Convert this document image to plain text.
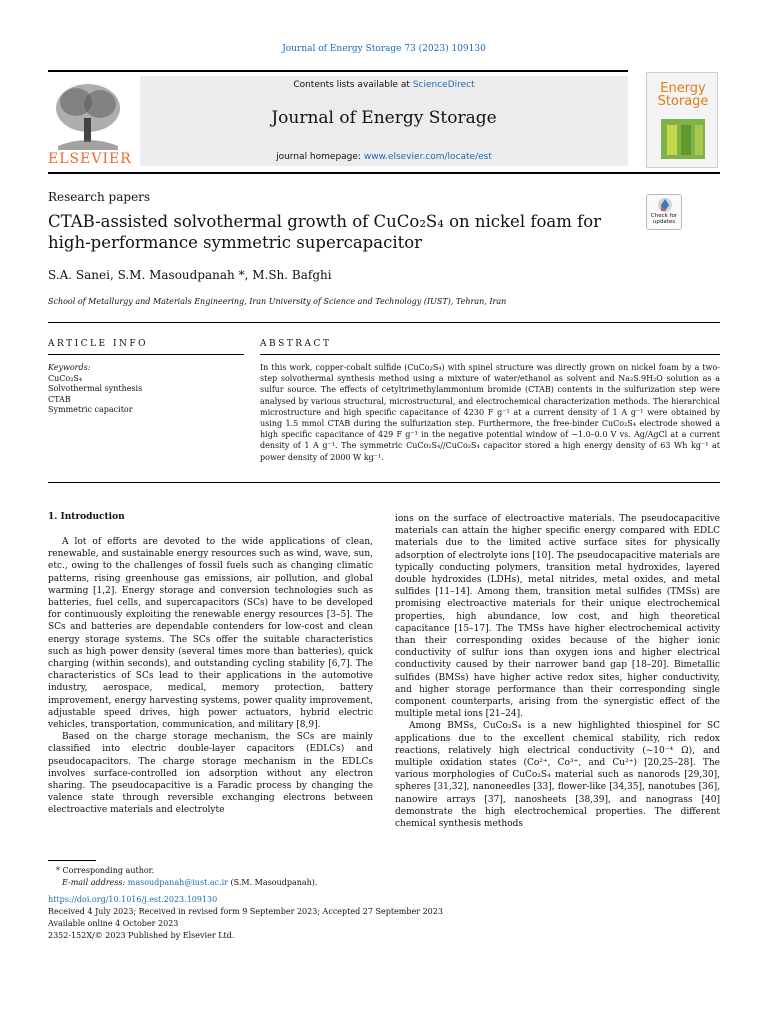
Journal of Energy Storage 73 (2023) 109130
ELSEVIER
Contents lists available at ScienceDirect
Journal of Energy Storage
journal homepage: www.elsevier.com/locate/est
Energy Storage
Research papers
Check for updates
CTAB-assisted solvothermal growth of CuCo₂S₄ on nickel foam for
high-performance symmetric supercapacitor
S.A. Sanei, S.M. Masoudpanah *, M.Sh. Bafghi
School of Metallurgy and Materials Engineering, Iran University of Science and Technology (IUST), Tehran, Iran
ARTICLE INFO	ABSTRACT
Keywords:
CuCo₂S₄
Solvothermal synthesis
CTAB
Symmetric capacitor
In this work, copper-cobalt sulfide (CuCo₂S₄) with spinel structure was directly grown on nickel foam by a two-step solvothermal synthesis method using a mixture of water/ethanol as solvent and Na₂S.9H₂O solution as a sulfur source. The effects of cetyltrimethylammonium bromide (CTAB) contents in the sulfurization step were analysed by various structural, microstructural, and electrochemical characterization methods. The hierarchical microstructure and high specific capacitance of 4230 F g⁻¹ at a current density of 1 A g⁻¹ were obtained by using 1.5 mmol CTAB during the sulfurization step. Furthermore, the free-binder CuCo₂S₄ electrode showed a high specific capacitance of 429 F g⁻¹ in the negative potential window of −1.0–0.0 V vs. Ag/AgCl at a current density of 1 A g⁻¹. The symmetric CuCo₂S₄//CuCo₂S₄ capacitor stored a high energy density of 63 Wh kg⁻¹ at power density of 2000 W kg⁻¹.
1. Introduction

A lot of efforts are devoted to the wide applications of clean, renewable, and sustainable energy resources such as wind, wave, sun, etc., owing to the challenges of fossil fuels such as changing climatic patterns, rising greenhouse gas emissions, air pollution, and global warming [1,2]. Energy storage and conversion technologies such as batteries, fuel cells, and supercapacitors (SCs) have to be developed for continuously exploiting the renewable energy resources [3–5]. The SCs and batteries are dependable contenders for low-cost and clean energy storage systems. The SCs offer the suitable characteristics such as high power density (several times more than batteries), quick charging (within seconds), and outstanding cycling stability [6,7]. The characteristics of SCs lead to their applications in the automotive industry, aerospace, medical, memory protection, battery improvement, energy harvesting systems, power quality improvement, adjustable speed drives, high power actuators, hybrid electric vehicles, transportation, communication, and military [8,9].

Based on the charge storage mechanism, the SCs are mainly classified into electric double-layer capacitors (EDLCs) and pseudocapacitors. The charge storage mechanism in the EDLCs involves surface-controlled ion adsorption without any electron sharing. The pseudocapacitive is a Faradic process by changing the valence state through reversible exchanging electrons between electroactive materials and electrolyte

ions on the surface of electroactive materials. The pseudocapacitive materials can attain the higher specific energy compared with EDLC materials due to the limited active surface sites for physically adsorption of electrolyte ions [10]. The pseudocapacitive materials are typically conducting polymers, transition metal hydroxides, layered double hydroxides (LDHs), metal nitrides, metal oxides, and metal sulfides [11–14]. Among them, transition metal sulfides (TMSs) are promising electroactive materials for their unique electrochemical properties, high abundance, low cost, and high theoretical capacitance [15–17]. The TMSs have higher electrochemical activity than their corresponding oxides because of the higher ionic conductivity of sulfur ions than oxygen ions and higher electrical conductivity caused by their narrower band gap [18–20]. Bimetallic sulfides (BMSs) have higher active redox sites, higher conductivity, and higher storage performance than their corresponding single component counterparts, arising from the synergistic effect of the multiple metal ions [21–24].

Among BMSs, CuCo₂S₄ is a new highlighted thiospinel for SC applications due to the excellent chemical stability, rich redox reactions, relatively high electrical conductivity (~10⁻⁴ Ω), and multiple oxidation states (Co²⁺, Co³⁺, and Cu²⁺) [20,25–28]. The various morphologies of CuCo₂S₄ material such as nanorods [29,30], spheres [31,32], nanoneedles [33], flower-like [34,35], nanotubes [36], nanowire arrays [37], nanosheets [38,39], and nanograss [40] demonstrate the high electrochemical properties. The different chemical synthesis methods

* Corresponding author.
E-mail address: masoudpanah@iust.ac.ir (S.M. Masoudpanah).
https://doi.org/10.1016/j.est.2023.109130
Received 4 July 2023; Received in revised form 9 September 2023; Accepted 27 September 2023
Available online 4 October 2023
2352-152X/© 2023 Published by Elsevier Ltd.
